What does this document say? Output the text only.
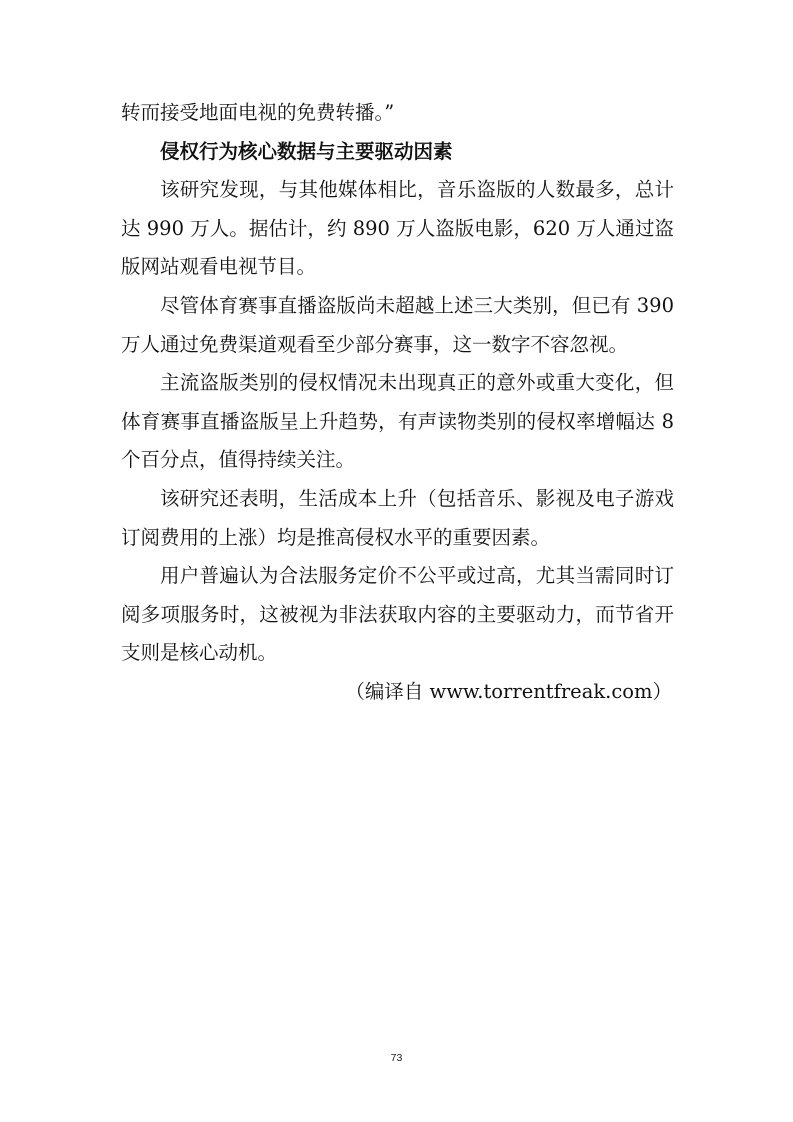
转而接受地面电视的免费转播。”

侵权行为核心数据与主要驱动因素

该研究发现，与其他媒体相比，音乐盗版的人数最多，总计达 990 万人。据估计，约 890 万人盗版电影，620 万人通过盗版网站观看电视节目。

尽管体育赛事直播盗版尚未超越上述三大类别，但已有 390 万人通过免费渠道观看至少部分赛事，这一数字不容忽视。

主流盗版类别的侵权情况未出现真正的意外或重大变化，但体育赛事直播盗版呈上升趋势，有声读物类别的侵权率增幅达 8 个百分点，值得持续关注。

该研究还表明，生活成本上升（包括音乐、影视及电子游戏订阅费用的上涨）均是推高侵权水平的重要因素。

用户普遍认为合法服务定价不公平或过高，尤其当需同时订阅多项服务时，这被视为非法获取内容的主要驱动力，而节省开支则是核心动机。

（编译自 www.torrentfreak.com）

73
